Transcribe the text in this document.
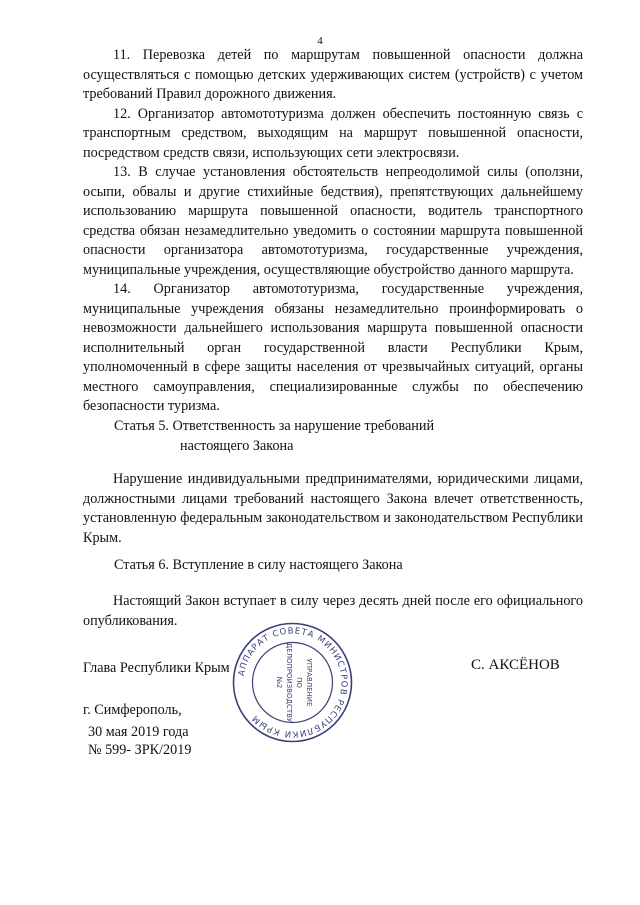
4

11. Перевозка детей по маршрутам повышенной опасности должна осуществляться с помощью детских удерживающих систем (устройств) с учетом требований Правил дорожного движения.

12. Организатор автомототуризма должен обеспечить постоянную связь с транспортным средством, выходящим на маршрут повышенной опасности, посредством средств связи, использующих сети электросвязи.

13. В случае установления обстоятельств непреодолимой силы (оползни, осыпи, обвалы и другие стихийные бедствия), препятствующих дальнейшему использованию маршрута повышенной опасности, водитель транспортного средства обязан незамедлительно уведомить о состоянии маршрута повышенной опасности организатора автомототуризма, государственные учреждения, муниципальные учреждения, осуществляющие обустройство данного маршрута.

14. Организатор автомототуризма, государственные учреждения, муниципальные учреждения обязаны незамедлительно проинформировать о невозможности дальнейшего использования маршрута повышенной опасности исполнительный орган государственной власти Республики Крым, уполномоченный в сфере защиты населения от чрезвычайных ситуаций, органы местного самоуправления, специализированные службы по обеспечению безопасности туризма.

Статья 5. Ответственность за нарушение требований
настоящего Закона

Нарушение индивидуальными предпринимателями, юридическими лицами, должностными лицами требований настоящего Закона влечет ответственность, установленную федеральным законодательством и законодательством Республики Крым.

Статья 6. Вступление в силу настоящего Закона

Настоящий Закон вступает в силу через десять дней после его официального опубликования.

Глава Республики Крым	С. АКСЁНОВ
г. Симферополь,
30 мая 2019 года
№ 599- ЗРК/2019
АППАРАТ СОВЕТА МИНИСТРОВ РЕСПУБЛИКИ КРЫМ
УПРАВЛЕНИЕ
ПО
ДЕЛОПРОИЗВОДСТВУ
№2
